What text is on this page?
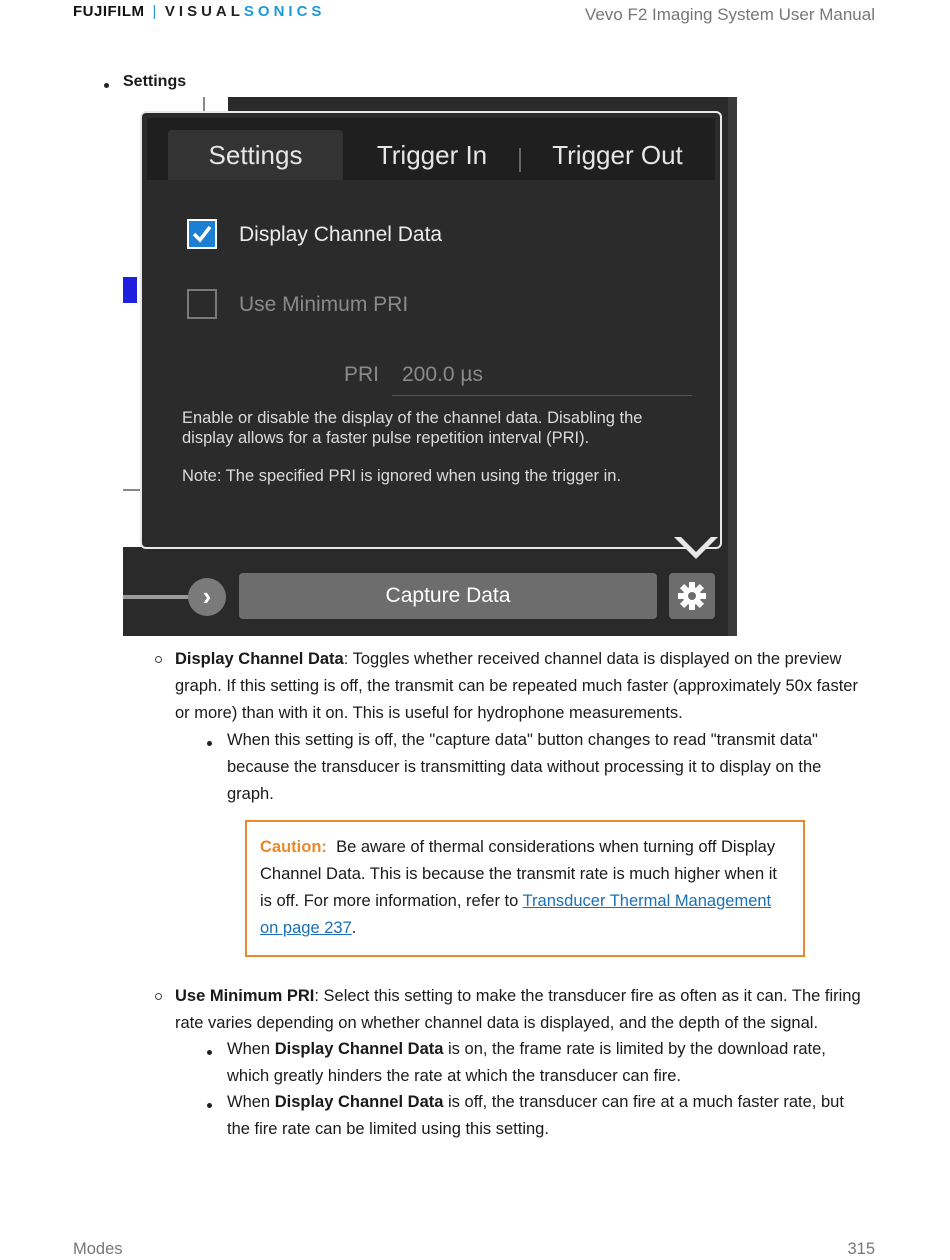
FUJIFILM | VISUALSONICS	Vevo F2 Imaging System User Manual
Settings
Settings	Trigger In	Trigger Out
Display Channel Data
Use Minimum PRI
PRI 200.0 µs
Enable or disable the display of the channel data. Disabling the
display allows for a faster pulse repetition interval (PRI).
Note: The specified PRI is ignored when using the trigger in.
›	Capture Data
Display Channel Data: Toggles whether received channel data is displayed on the preview
graph. If this setting is off, the transmit can be repeated much faster (approximately 50x faster
or more) than with it on. This is useful for hydrophone measurements.
When this setting is off, the "capture data" button changes to read "transmit data"
because the transducer is transmitting data without processing it to display on the
graph.
Caution: Be aware of thermal considerations when turning off Display
Channel Data. This is because the transmit rate is much higher when it
is off. For more information, refer to Transducer Thermal Management
on page 237.
Use Minimum PRI: Select this setting to make the transducer fire as often as it can. The firing
rate varies depending on whether channel data is displayed, and the depth of the signal.
When Display Channel Data is on, the frame rate is limited by the download rate,
which greatly hinders the rate at which the transducer can fire.
When Display Channel Data is off, the transducer can fire at a much faster rate, but
the fire rate can be limited using this setting.
Modes	315
